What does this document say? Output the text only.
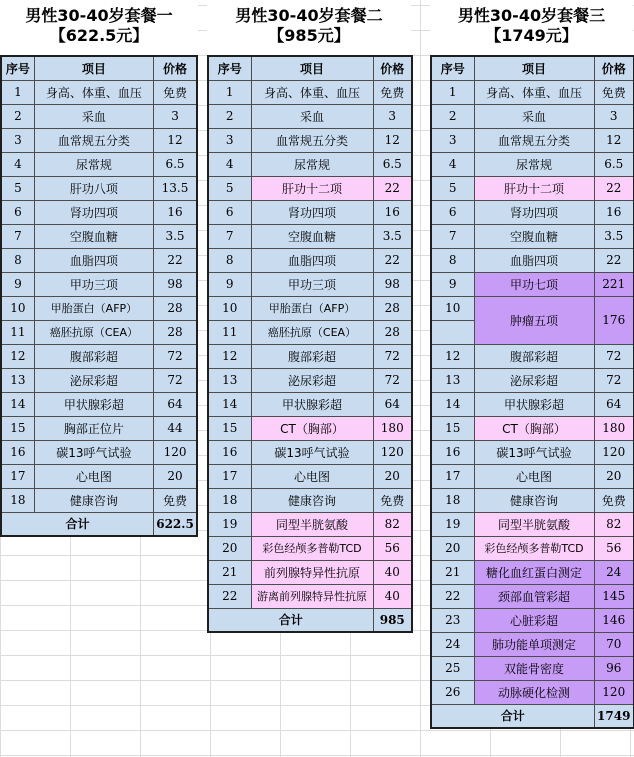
男性30-40岁套餐一
【622.5元】
序号	项目	价格
1	身高、体重、血压	免费
2	采血	3
3	血常规五分类	12
4	尿常规	6.5
5	肝功八项	13.5
6	肾功四项	16
7	空腹血糖	3.5
8	血脂四项	22
9	甲功三项	98
10	甲胎蛋白（AFP）	28
11	癌胚抗原（CEA）	28
12	腹部彩超	72
13	泌尿彩超	72
14	甲状腺彩超	64
15	胸部正位片	44
16	碳13呼气试验	120
17	心电图	20
18	健康咨询	免费
合计		622.5
男性30-40岁套餐二
【985元】
序号	项目	价格
1	身高、体重、血压	免费
2	采血	3
3	血常规五分类	12
4	尿常规	6.5
5	肝功十二项	22
6	肾功四项	16
7	空腹血糖	3.5
8	血脂四项	22
9	甲功三项	98
10	甲胎蛋白（AFP）	28
11	癌胚抗原（CEA）	28
12	腹部彩超	72
13	泌尿彩超	72
14	甲状腺彩超	64
15	CT（胸部）	180
16	碳13呼气试验	120
17	心电图	20
18	健康咨询	免费
19	同型半胱氨酸	82
20	彩色经颅多普勒TCD	56
21	前列腺特异性抗原	40
22	游离前列腺特异性抗原	40
合计		985
男性30-40岁套餐三
【1749元】
序号	项目	价格
1	身高、体重、血压	免费
2	采血	3
3	血常规五分类	12
4	尿常规	6.5
5	肝功十二项	22
6	肾功四项	16
7	空腹血糖	3.5
8	血脂四项	22
9	甲功七项	221
10	肿瘤五项	176

12	腹部彩超	72
13	泌尿彩超	72
14	甲状腺彩超	64
15	CT（胸部）	180
16	碳13呼气试验	120
17	心电图	20
18	健康咨询	免费
19	同型半胱氨酸	82
20	彩色经颅多普勒TCD	56
21	糖化血红蛋白测定	24
22	颈部血管彩超	145
23	心脏彩超	146
24	肺功能单项测定	70
25	双能骨密度	96
26	动脉硬化检测	120
合计		1749
